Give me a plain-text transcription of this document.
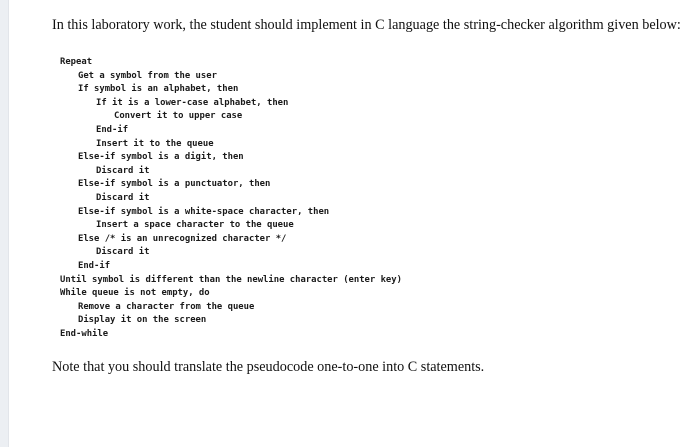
In this laboratory work, the student should implement in C language the string-checker algorithm given below:

Repeat
Get a symbol from the user
If symbol is an alphabet, then
If it is a lower-case alphabet, then
Convert it to upper case
End-if
Insert it to the queue
Else-if symbol is a digit, then
Discard it
Else-if symbol is a punctuator, then
Discard it
Else-if symbol is a white-space character, then
Insert a space character to the queue
Else /* is an unrecognized character */
Discard it
End-if
Until symbol is different than the newline character (enter key)
While queue is not empty, do
Remove a character from the queue
Display it on the screen
End-while

Note that you should translate the pseudocode one-to-one into C statements.
